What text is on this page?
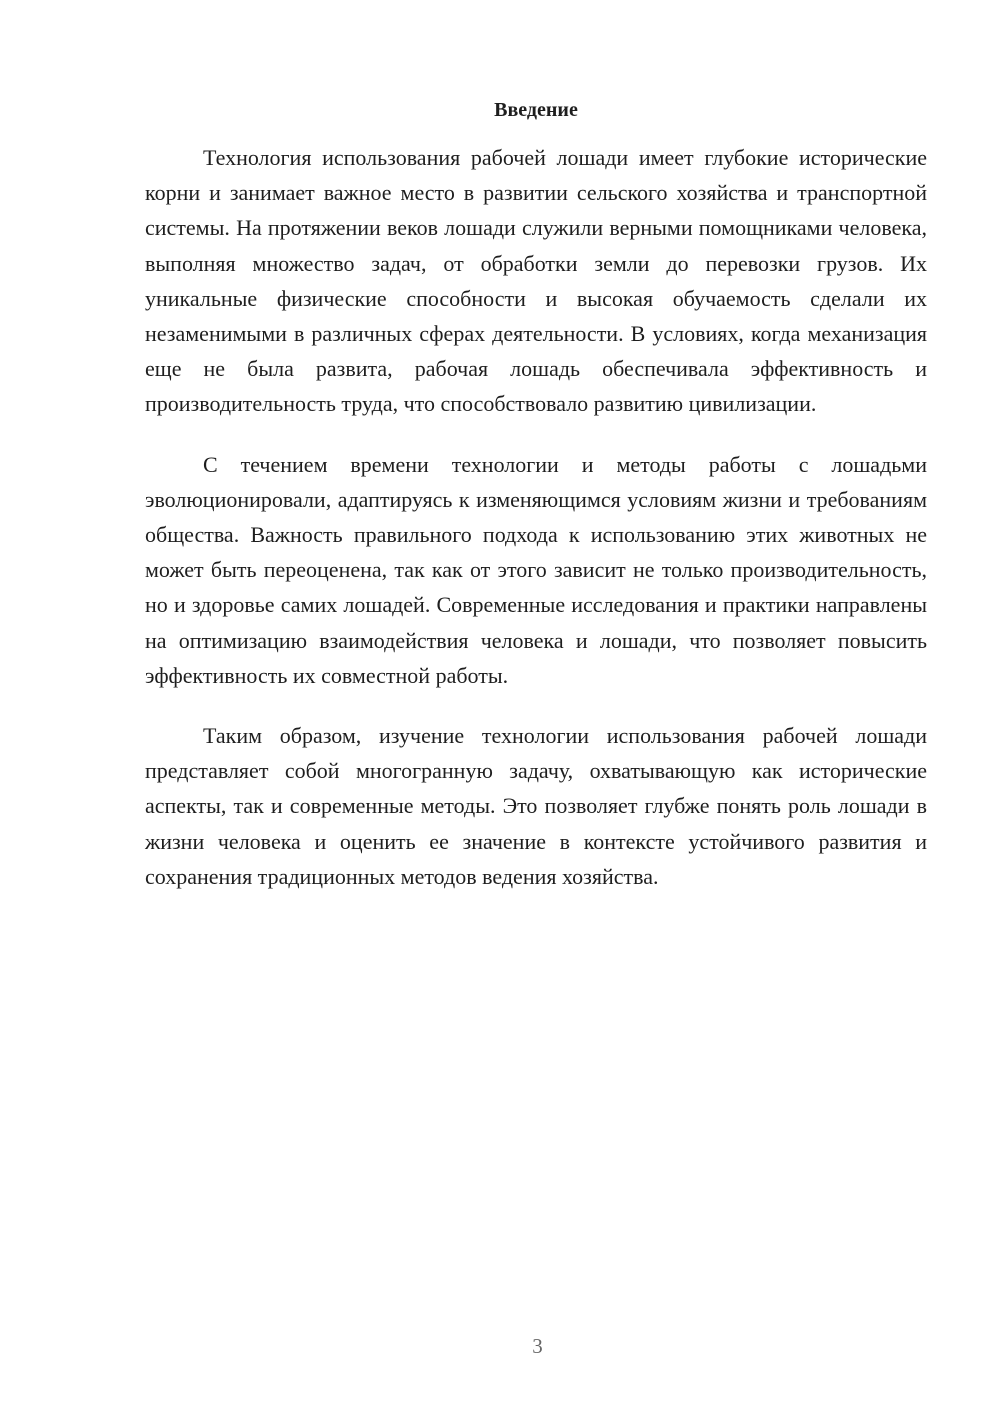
Введение

Технология использования рабочей лошади имеет глубокие исторические корни и занимает важное место в развитии сельского хозяйства и транспортной системы. На протяжении веков лошади служили верными помощниками человека, выполняя множество задач, от обработки земли до перевозки грузов. Их уникальные физические способности и высокая обучаемость сделали их незаменимыми в различных сферах деятельности. В условиях, когда механизация еще не была развита, рабочая лошадь обеспечивала эффективность и производительность труда, что способствовало развитию цивилизации.

С течением времени технологии и методы работы с лошадьми эволюционировали, адаптируясь к изменяющимся условиям жизни и требованиям общества. Важность правильного подхода к использованию этих животных не может быть переоценена, так как от этого зависит не только производительность, но и здоровье самих лошадей. Современные исследования и практики направлены на оптимизацию взаимодействия человека и лошади, что позволяет повысить эффективность их совместной работы.

Таким образом, изучение технологии использования рабочей лошади представляет собой многогранную задачу, охватывающую как исторические аспекты, так и современные методы. Это позволяет глубже понять роль лошади в жизни человека и оценить ее значение в контексте устойчивого развития и сохранения традиционных методов ведения хозяйства.

3
